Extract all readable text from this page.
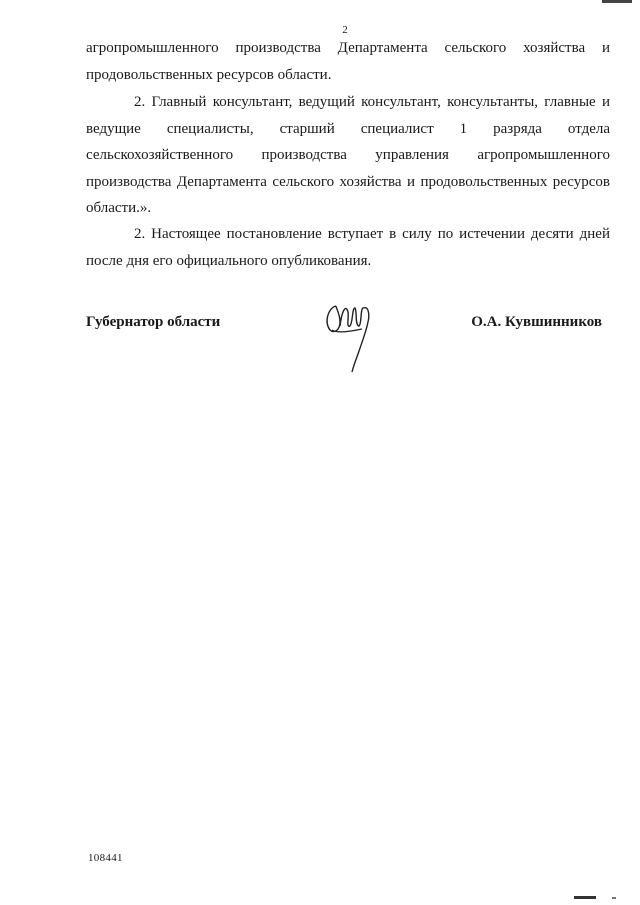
2
агропромышленного производства Департамента сельского хозяйства и
продовольственных ресурсов области.
2. Главный консультант, ведущий консультант, консультанты, главные и
ведущие специалисты, старший специалист 1 разряда отдела
сельскохозяйственного производства управления агропромышленного
производства Департамента сельского хозяйства и продовольственных ресурсов
области.».
2. Настоящее постановление вступает в силу по истечении десяти дней
после дня его официального опубликования.
Губернатор области	О.А. Кувшинников
108441
